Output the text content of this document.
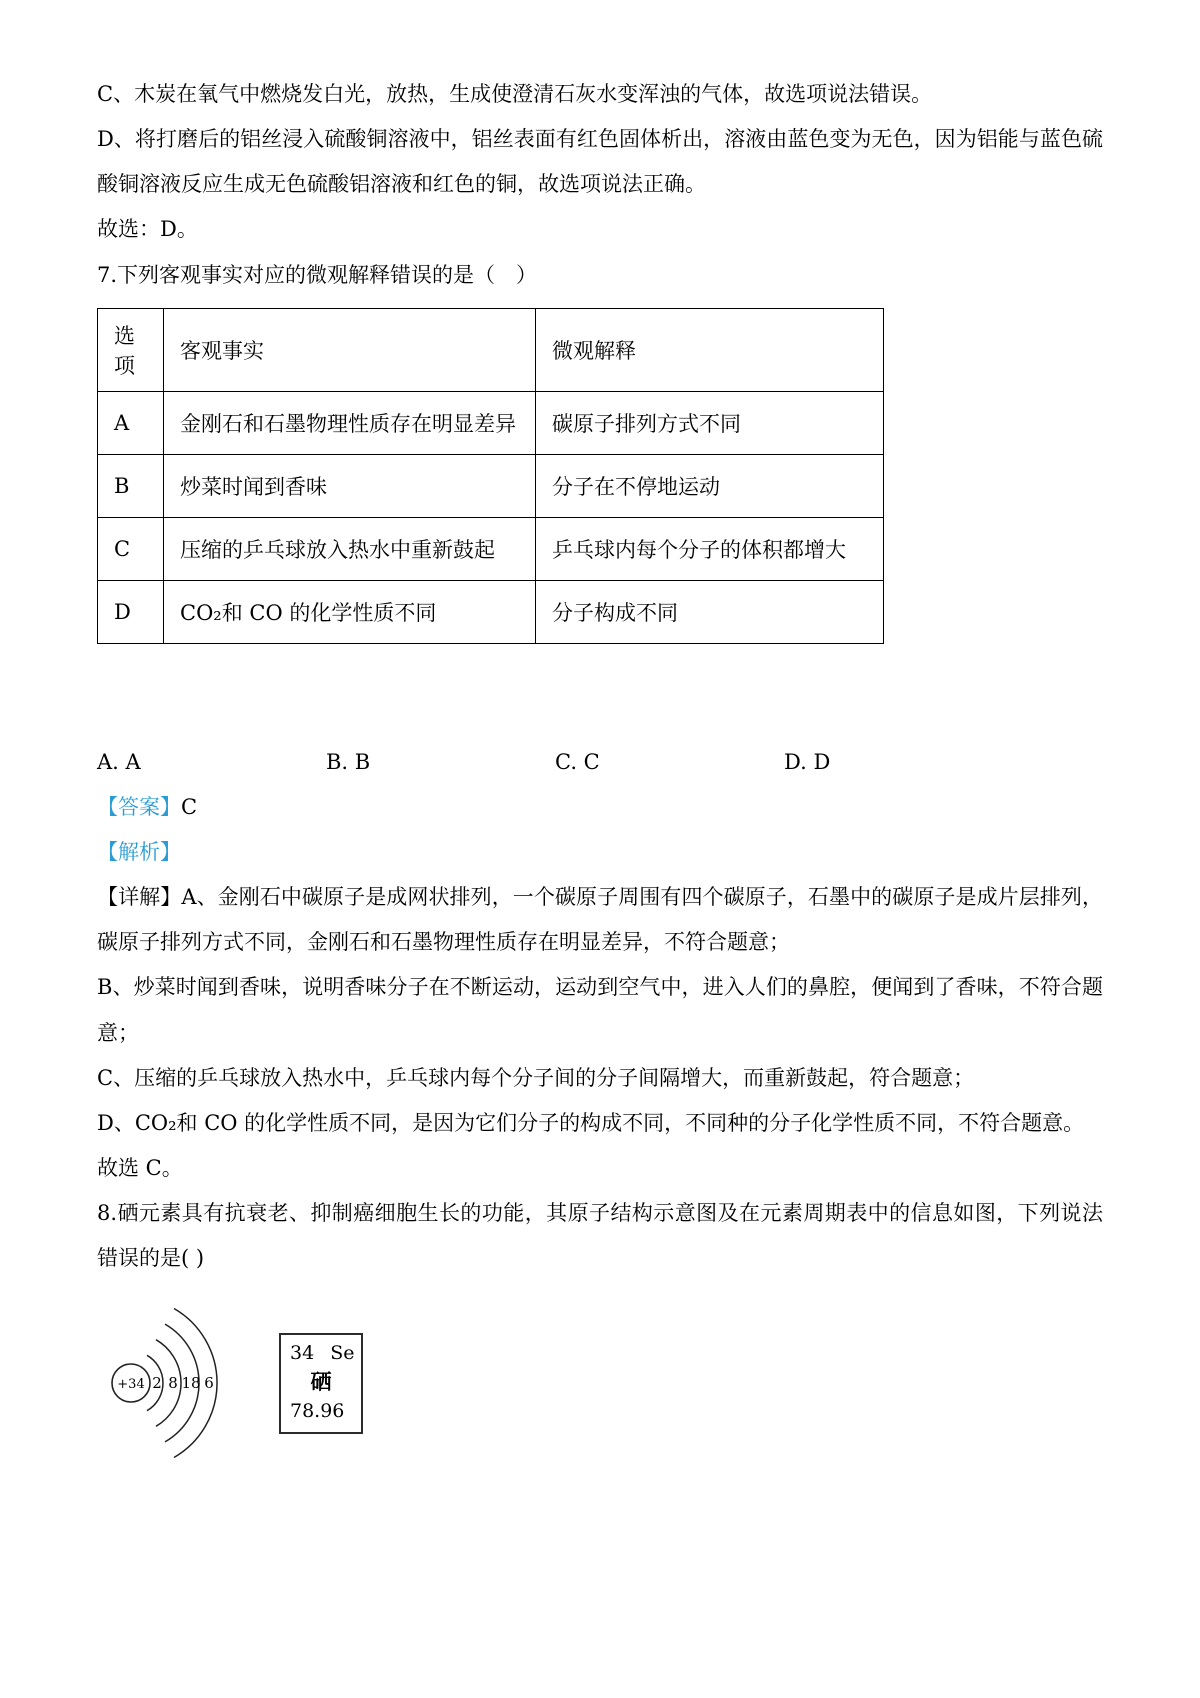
C、木炭在氧气中燃烧发白光，放热，生成使澄清石灰水变浑浊的气体，故选项说法错误。

D、将打磨后的铝丝浸入硫酸铜溶液中，铝丝表面有红色固体析出，溶液由蓝色变为无色，因为铝能与蓝色硫酸铜溶液反应生成无色硫酸铝溶液和红色的铜，故选项说法正确。

故选：D。

7.下列客观事实对应的微观解释错误的是（　）

选项	客观事实	微观解释
A	金刚石和石墨物理性质存在明显差异	碳原子排列方式不同
B	炒菜时闻到香味	分子在不停地运动
C	压缩的乒乓球放入热水中重新鼓起	乒乓球内每个分子的体积都增大
D	CO₂和 CO 的化学性质不同	分子构成不同
A. A	B. B	C. C	D. D

【答案】C

【解析】

【详解】A、金刚石中碳原子是成网状排列，一个碳原子周围有四个碳原子，石墨中的碳原子是成片层排列，碳原子排列方式不同，金刚石和石墨物理性质存在明显差异，不符合题意；

B、炒菜时闻到香味，说明香味分子在不断运动，运动到空气中，进入人们的鼻腔，便闻到了香味，不符合题意；

C、压缩的乒乓球放入热水中，乒乓球内每个分子间的分子间隔增大，而重新鼓起，符合题意；

D、CO₂和 CO 的化学性质不同，是因为它们分子的构成不同，不同种的分子化学性质不同，不符合题意。

故选 C。

8.硒元素具有抗衰老、抑制癌细胞生长的功能，其原子结构示意图及在元素周期表中的信息如图，下列说法错误的是( )

+34 2 8 18 6
34 Se
硒
78.96
